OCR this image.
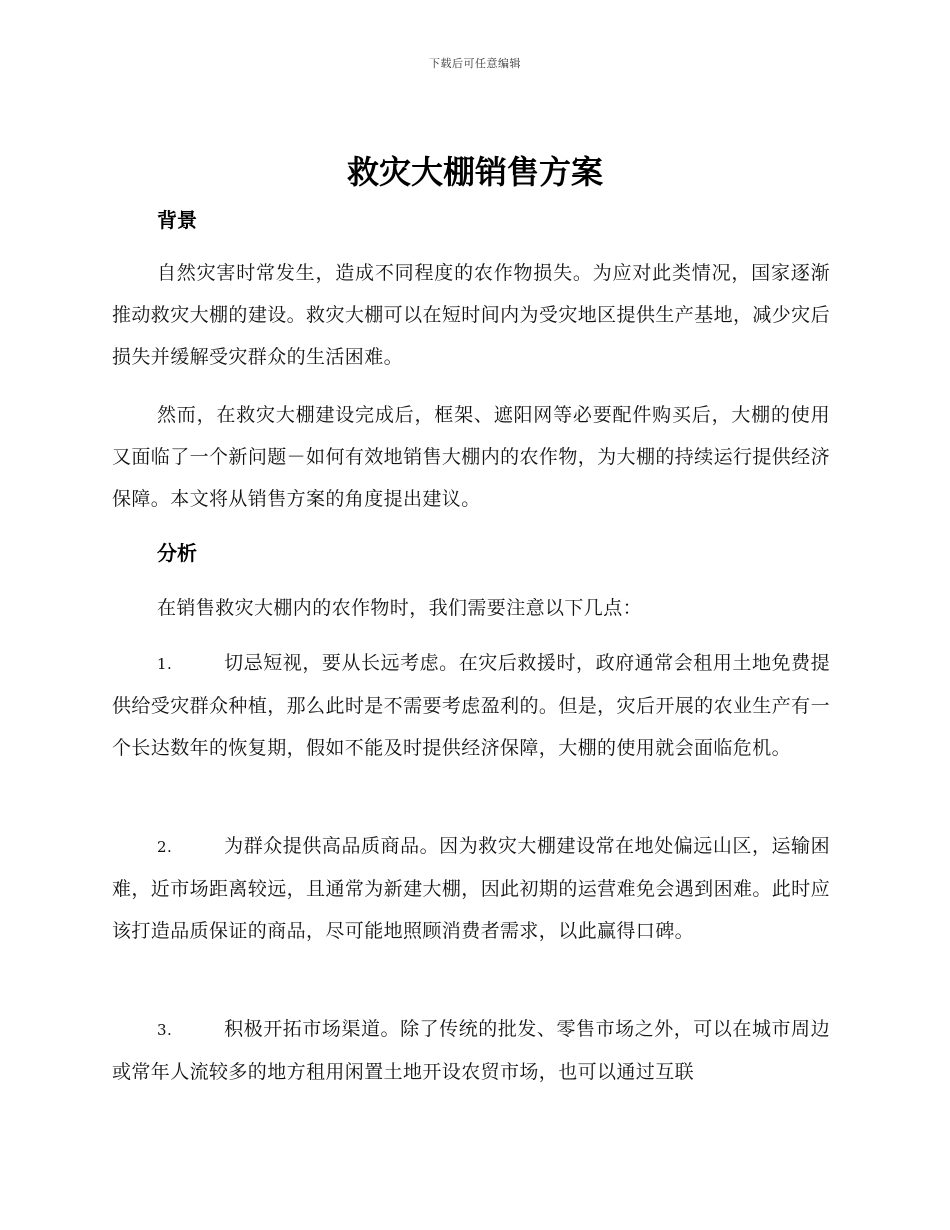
下载后可任意编辑
救灾大棚销售方案
背景

自然灾害时常发生，造成不同程度的农作物损失。为应对此类情况，国家逐渐推动救灾大棚的建设。救灾大棚可以在短时间内为受灾地区提供生产基地，减少灾后损失并缓解受灾群众的生活困难。

然而，在救灾大棚建设完成后，框架、遮阳网等必要配件购买后，大棚的使用又面临了一个新问题－如何有效地销售大棚内的农作物，为大棚的持续运行提供经济保障。本文将从销售方案的角度提出建议。

分析

在销售救灾大棚内的农作物时，我们需要注意以下几点：

1.	切忌短视，要从长远考虑。在灾后救援时，政府通常会租用土地免费提供给受灾群众种植，那么此时是不需要考虑盈利的。但是，灾后开展的农业生产有一个长达数年的恢复期，假如不能及时提供经济保障，大棚的使用就会面临危机。

2.	为群众提供高品质商品。因为救灾大棚建设常在地处偏远山区，运输困难，近市场距离较远，且通常为新建大棚，因此初期的运营难免会遇到困难。此时应该打造品质保证的商品，尽可能地照顾消费者需求，以此赢得口碑。

3.	积极开拓市场渠道。除了传统的批发、零售市场之外，可以在城市周边或常年人流较多的地方租用闲置土地开设农贸市场，也可以通过互联
